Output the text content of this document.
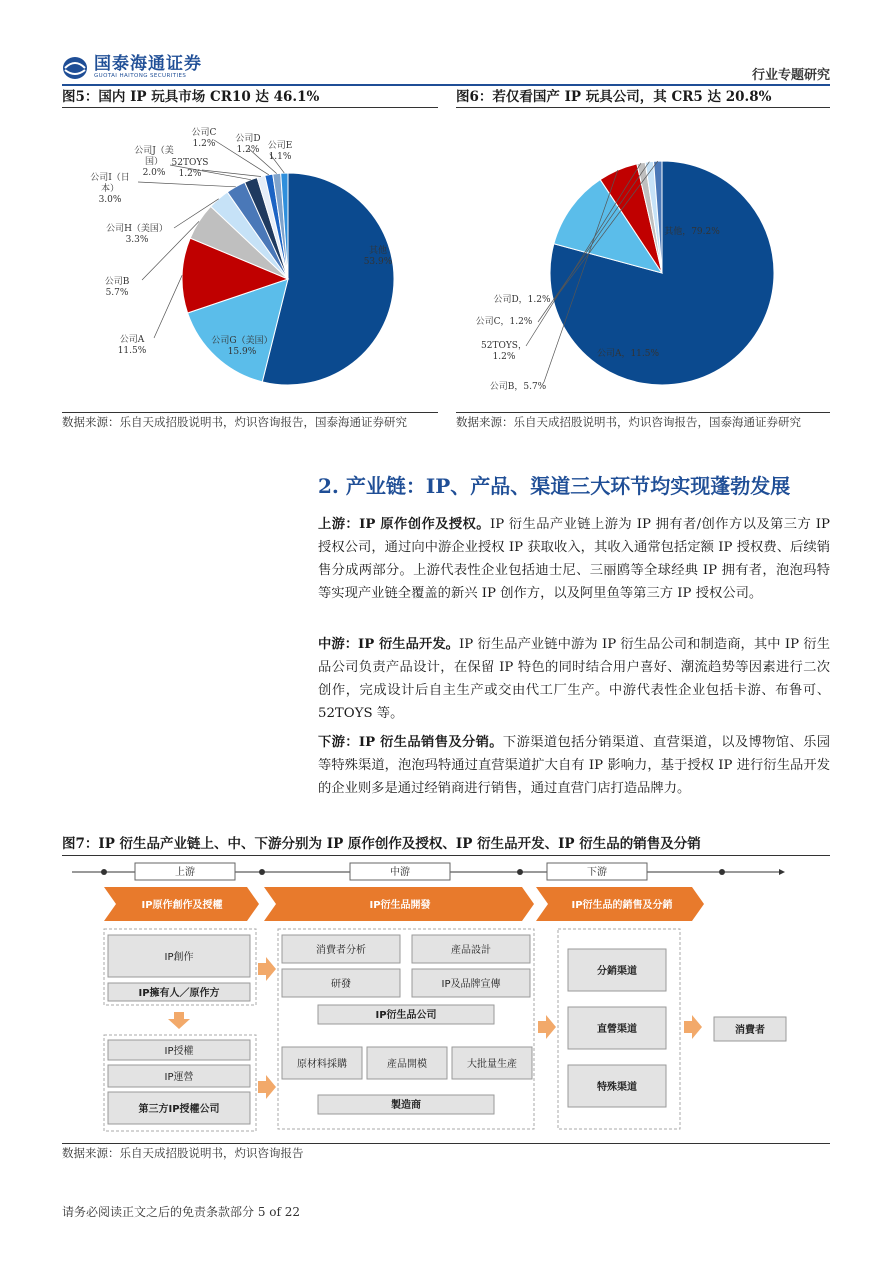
国泰海通证券
GUOTAI HAITONG SECURITIES	行业专题研究
图5：国内 IP 玩具市场 CR10 达 46.1%
其他
53.9%
公司G（美国）
15.9%
公司A
11.5%
公司B
5.7%
公司H（美国）
3.3%
公司I（日
本）
3.0%
公司J（美
国）
2.0%
52TOYS
1.2%
公司C
1.2% 公司D
1.2% 公司E
1.1%
数据来源：乐自天成招股说明书，灼识咨询报告，国泰海通证券研究
图6：若仅看国产 IP 玩具公司，其 CR5 达 20.8%
其他，79.2%
公司A，11.5%
公司B，5.7%
52TOYS，
1.2%
公司C，1.2%
公司D，1.2%
数据来源：乐自天成招股说明书，灼识咨询报告，国泰海通证券研究
2. 产业链：IP、产品、渠道三大环节均实现蓬勃发展
上游：IP 原作创作及授权。IP 衍生品产业链上游为 IP 拥有者/创作方以及第三方 IP 授权公司，通过向中游企业授权 IP 获取收入，其收入通常包括定额 IP 授权费、后续销售分成两部分。上游代表性企业包括迪士尼、三丽鸥等全球经典 IP 拥有者，泡泡玛特等实现产业链全覆盖的新兴 IP 创作方，以及阿里鱼等第三方 IP 授权公司。
中游：IP 衍生品开发。IP 衍生品产业链中游为 IP 衍生品公司和制造商，其中 IP 衍生品公司负责产品设计，在保留 IP 特色的同时结合用户喜好、潮流趋势等因素进行二次创作，完成设计后自主生产或交由代工厂生产。中游代表性企业包括卡游、布鲁可、52TOYS 等。
下游：IP 衍生品销售及分销。下游渠道包括分销渠道、直营渠道，以及博物馆、乐园等特殊渠道，泡泡玛特通过直营渠道扩大自有 IP 影响力，基于授权 IP 进行衍生品开发的企业则多是通过经销商进行销售，通过直营门店打造品牌力。
图7：IP 衍生品产业链上、中、下游分别为 IP 原作创作及授权、IP 衍生品开发、IP 衍生品的销售及分销
上游	中游	下游
IP原作創作及授權	IP衍生品開發	IP衍生品的銷售及分銷
IP創作
IP擁有人／原作方
IP授權
IP運營
第三方IP授權公司
消費者分析	產品設計
研發	IP及品牌宣傳
IP衍生品公司
原材料採購	產品開模	大批量生產
製造商
分銷渠道
直營渠道
特殊渠道
消費者
数据来源：乐自天成招股说明书，灼识咨询报告
请务必阅读正文之后的免责条款部分 5 of 22
